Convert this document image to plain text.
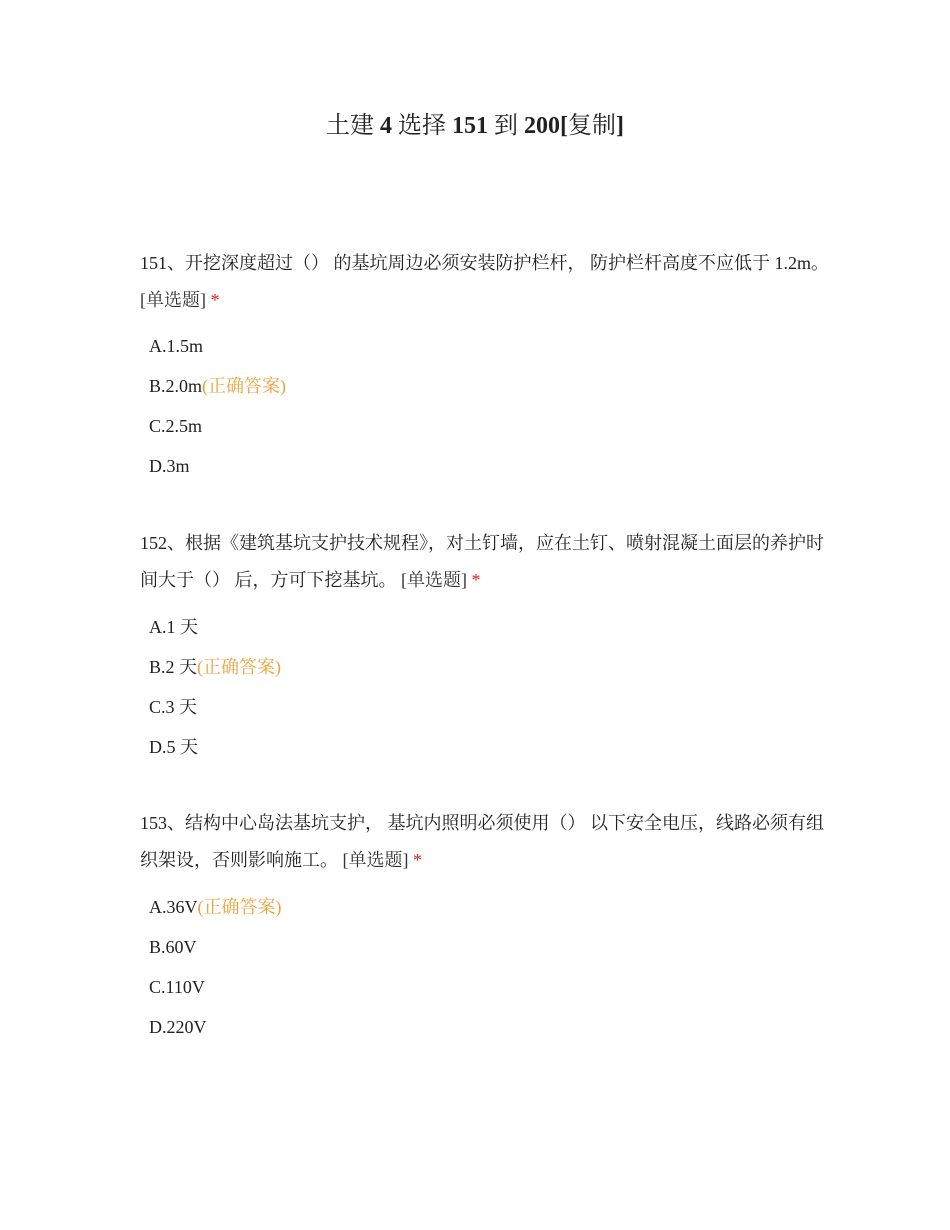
土建 4 选择 151 到 200[复制]
151、开挖深度超过（） 的基坑周边必须安装防护栏杆， 防护栏杆高度不应低于 1.2m。 [单选题] *
A.1.5m
B.2.0m(正确答案)
C.2.5m
D.3m
152、根据《建筑基坑支护技术规程》，对土钉墙，应在土钉、喷射混凝土面层的养护时间大于（） 后，方可下挖基坑。 [单选题] *
A.1 天
B.2 天(正确答案)
C.3 天
D.5 天
153、结构中心岛法基坑支护， 基坑内照明必须使用（） 以下安全电压，线路必须有组织架设，否则影响施工。 [单选题] *
A.36V(正确答案)
B.60V
C.110V
D.220V
